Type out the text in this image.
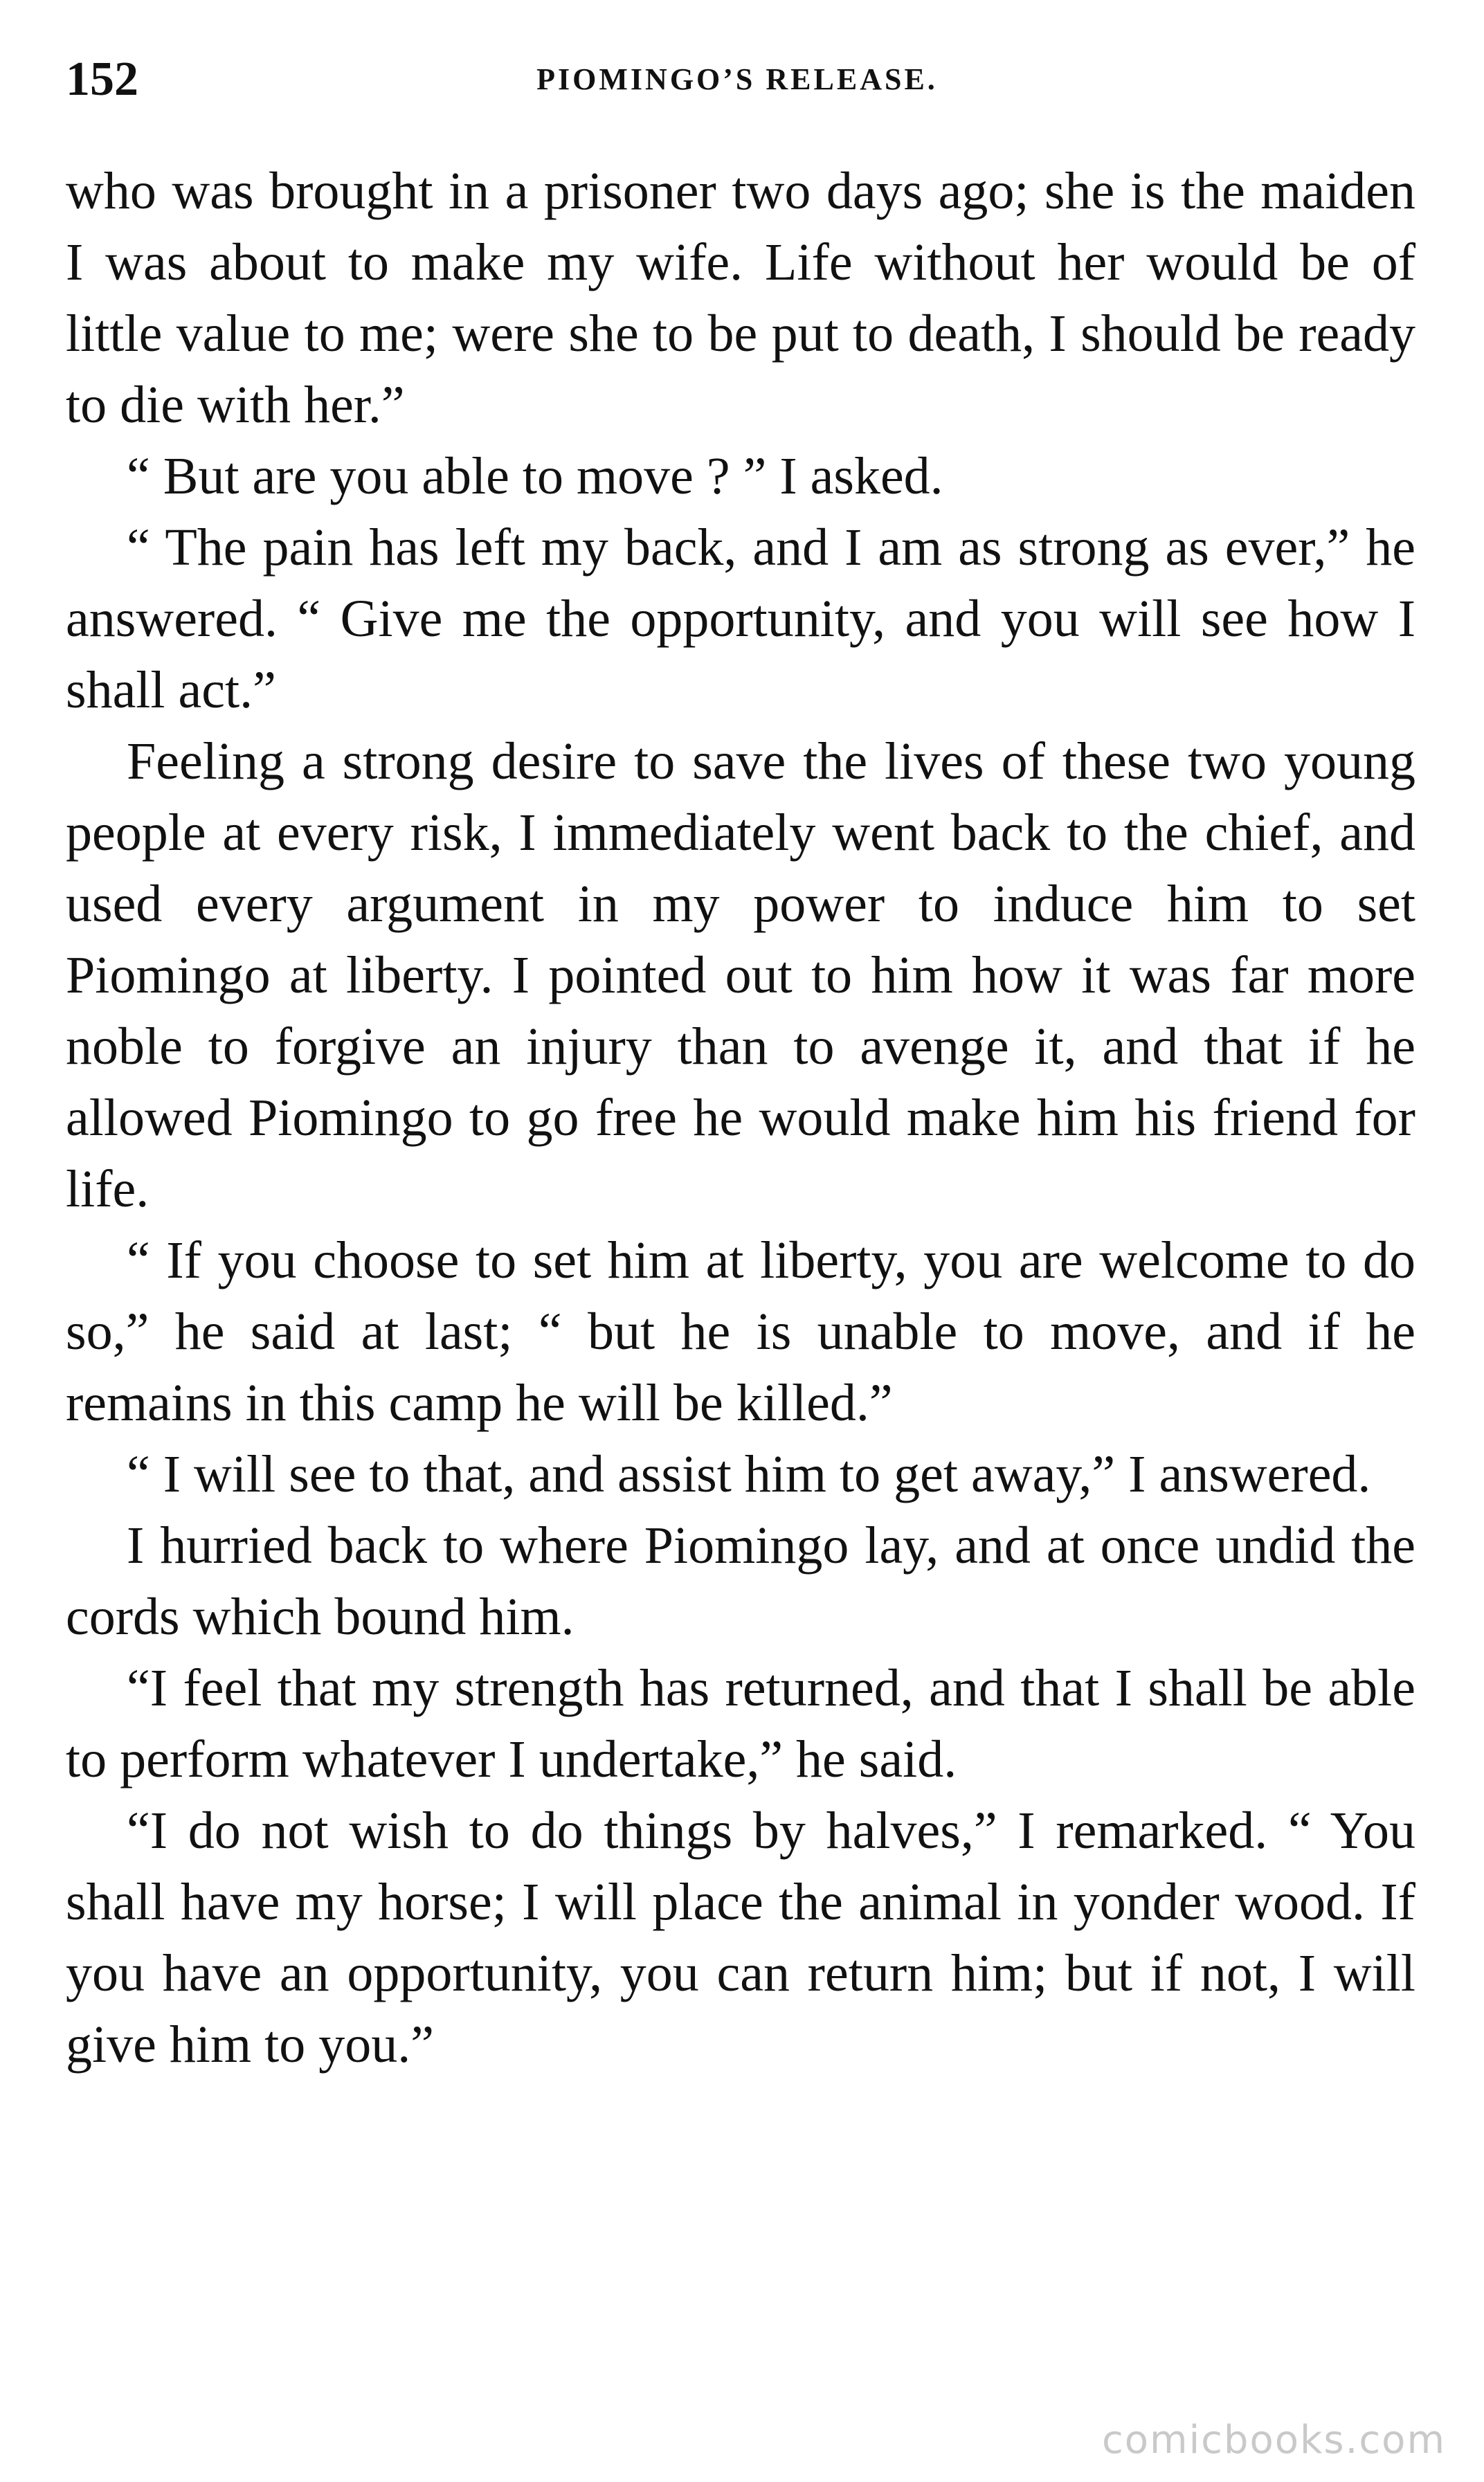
152	PIOMINGO’S RELEASE.

who was brought in a prisoner two days ago; she is the maiden I was about to make my wife. Life without her would be of little value to me; were she to be put to death, I should be ready to die with her.”

“ But are you able to move ? ” I asked.

“ The pain has left my back, and I am as strong as ever,” he answered. “ Give me the opportunity, and you will see how I shall act.”

Feeling a strong desire to save the lives of these two young people at every risk, I immediately went back to the chief, and used every argument in my power to induce him to set Piomingo at liberty. I pointed out to him how it was far more noble to forgive an injury than to avenge it, and that if he allowed Piomingo to go free he would make him his friend for life.

“ If you choose to set him at liberty, you are welcome to do so,” he said at last; “ but he is unable to move, and if he remains in this camp he will be killed.”

“ I will see to that, and assist him to get away,” I answered.

I hurried back to where Piomingo lay, and at once undid the cords which bound him.

“I feel that my strength has returned, and that I shall be able to perform whatever I undertake,” he said.

“I do not wish to do things by halves,” I remarked. “ You shall have my horse; I will place the animal in yonder wood. If you have an opportunity, you can return him; but if not, I will give him to you.”

comicbooks.com
